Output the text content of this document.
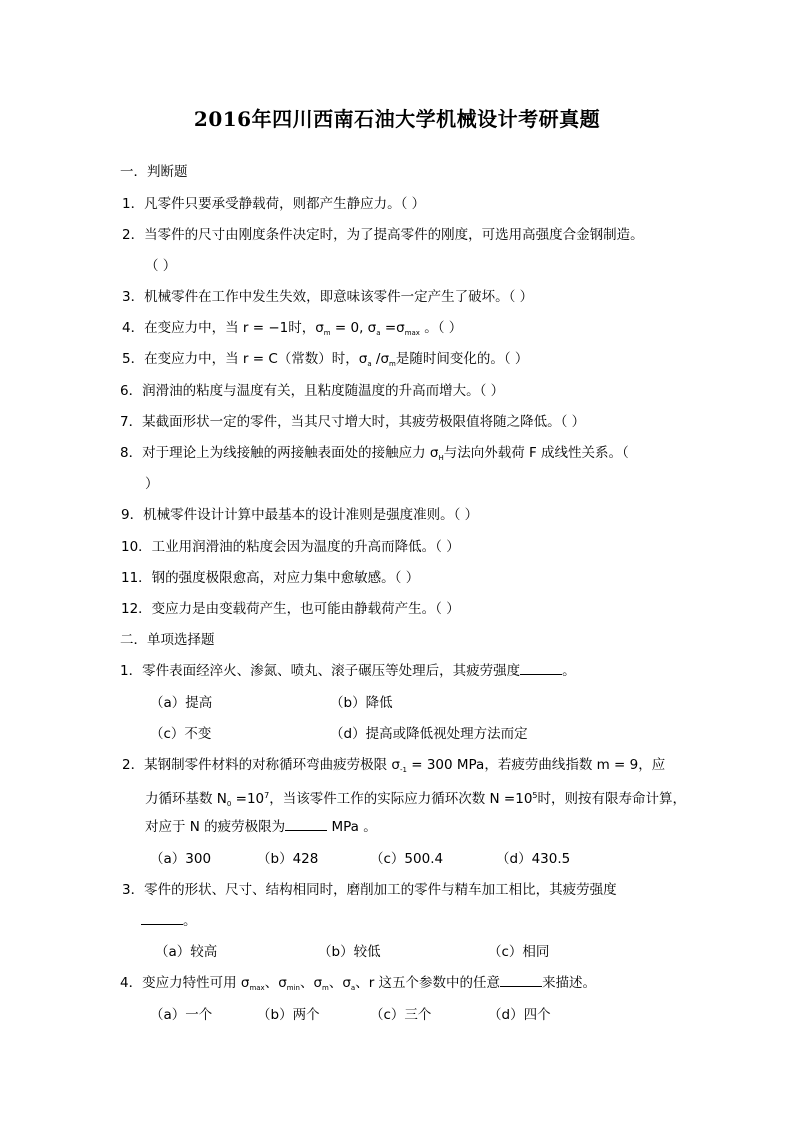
2016年四川西南石油大学机械设计考研真题
一．判断题
1．凡零件只要承受静载荷，则都产生静应力。（ ）
2．当零件的尺寸由刚度条件决定时，为了提高零件的刚度，可选用高强度合金钢制造。
（ ）
3．机械零件在工作中发生失效，即意味该零件一定产生了破坏。（ ）
4．在变应力中，当 r = −1时，$\sigma_m = 0$, $\sigma_a =\sigma_{max}$ 。（ ）
5．在变应力中，当 r = C（常数）时，$\sigma_a$ $/\sigma_m$是随时间变化的。（ ）
6．润滑油的粘度与温度有关，且粘度随温度的升高而增大。（ ）
7．某截面形状一定的零件，当其尺寸增大时，其疲劳极限值将随之降低。（ ）
8．对于理论上为线接触的两接触表面处的接触应力 $\sigma_H$与法向外载荷 F 成线性关系。（
）
9．机械零件设计计算中最基本的设计准则是强度准则。（ ）
10．工业用润滑油的粘度会因为温度的升高而降低。（ ）
11．钢的强度极限愈高，对应力集中愈敏感。（ ）
12．变应力是由变载荷产生，也可能由静载荷产生。（ ）
二．单项选择题
1．零件表面经淬火、渗氮、喷丸、滚子碾压等处理后，其疲劳强度	。
（a）提高	（b）降低
（c）不变	（d）提高或降低视处理方法而定
2．某钢制零件材料的对称循环弯曲疲劳极限 $\sigma_{-1} = 300$ MPa，若疲劳曲线指数 m = 9，应
力循环基数 $N_0 =10^7$，当该零件工作的实际应力循环次数 $N =10^5$时，则按有限寿命计算，
对应于 N 的疲劳极限为	MPa 。
（a）300	（b）428	（c）500.4	（d）430.5
3．零件的形状、尺寸、结构相同时，磨削加工的零件与精车加工相比，其疲劳强度
。
（a）较高	（b）较低	（c）相同
4．变应力特性可用 $\sigma_{max}$、$\sigma_{min}$、$\sigma_m$、$\sigma_a$、r 这五个参数中的任意	来描述。
（a）一个	（b）两个	（c）三个	（d）四个
